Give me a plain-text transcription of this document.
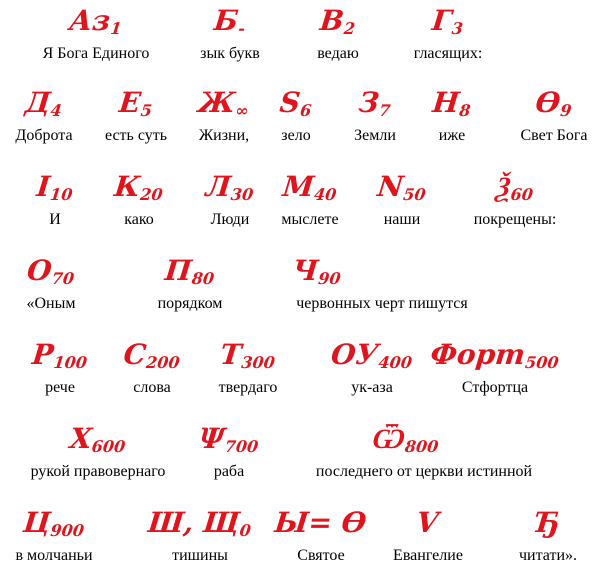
$Аз_1$
Я Бога Единого
$Б_-$
зык букв
$В_2$
ведаю
$Г_3$
гласящих:
$Д_4$
Доброта
$Е_5$
есть суть
$Ж_\infty$
Жизни,
$S_6$
зело
$З_7$
Земли
$Н_8$
иже
$Ѳ_9$
Свет Бога
$I_{10}$
И
$К_{20}$
како
$Л_{30}$
Люди
$М_{40}$
мыслете
$N_{50}$
наши
$Ѯ_{60}$
покрещены:
$О_{70}$
«Оным
$П_{80}$
порядком
$Ч_{90}$
червонных черт пишутся
$Р_{100}$
рече
$С_{200}$
слова
$Т_{300}$
твердаго
$ОУ_{400}$
ук-аза
Форт$_{500}$
Стфортца
$Х_{600}$
рукой правовернаго
$\Psi_{700}$
раба
$Ѿ_{800}$
последнего от церкви истинной
$Ц_{900}$
в молчаньи
Ш, $Щ_0$
тишины
Ы= Ѳ
Святое
V
Евангелие
Ђ
читати».
